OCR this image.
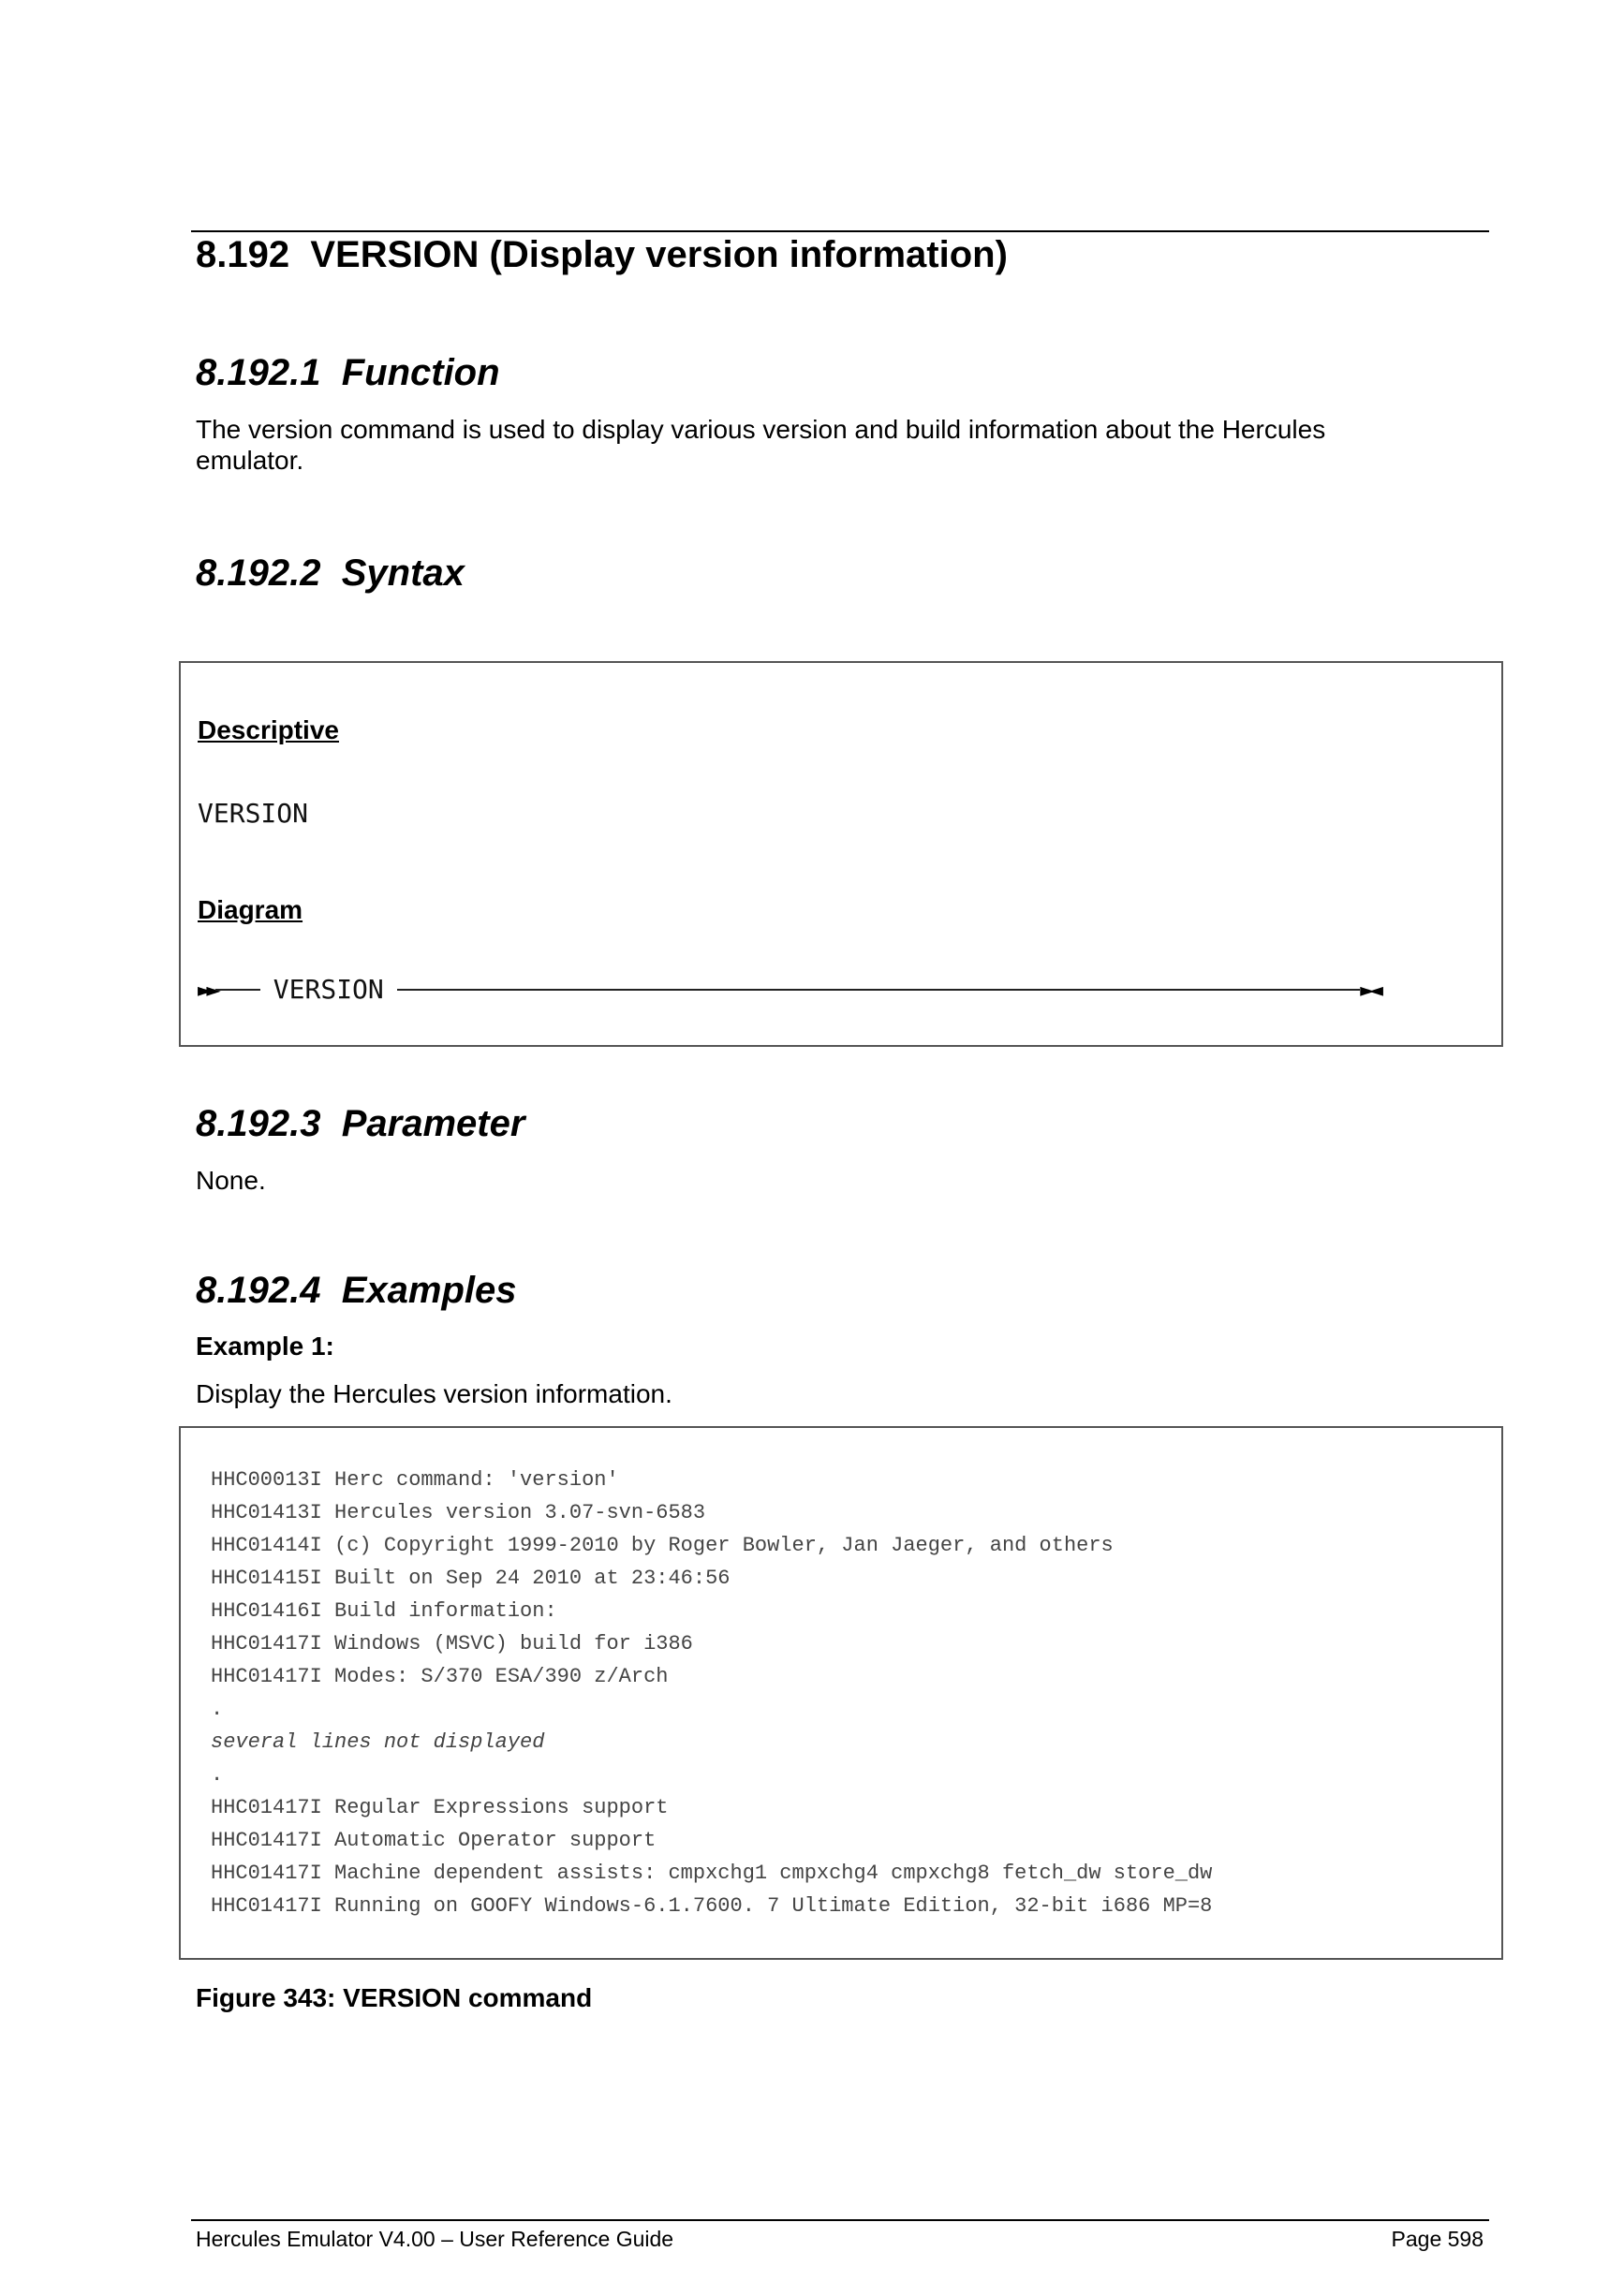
8.192 VERSION (Display version information)
8.192.1 Function
The version command is used to display various version and build information about the Hercules
emulator.
8.192.2 Syntax
Descriptive
VERSION
Diagram
►► VERSION	►◄
8.192.3 Parameter
None.
8.192.4 Examples
Example 1:
Display the Hercules version information.
HHC00013I Herc command: 'version'
HHC01413I Hercules version 3.07-svn-6583
HHC01414I (c) Copyright 1999-2010 by Roger Bowler, Jan Jaeger, and others
HHC01415I Built on Sep 24 2010 at 23:46:56
HHC01416I Build information:
HHC01417I Windows (MSVC) build for i386
HHC01417I Modes: S/370 ESA/390 z/Arch
.
several lines not displayed
.
HHC01417I Regular Expressions support
HHC01417I Automatic Operator support
HHC01417I Machine dependent assists: cmpxchg1 cmpxchg4 cmpxchg8 fetch_dw store_dw
HHC01417I Running on GOOFY Windows-6.1.7600. 7 Ultimate Edition, 32-bit i686 MP=8
Figure 343: VERSION command
Hercules Emulator V4.00 – User Reference Guide	Page 598
